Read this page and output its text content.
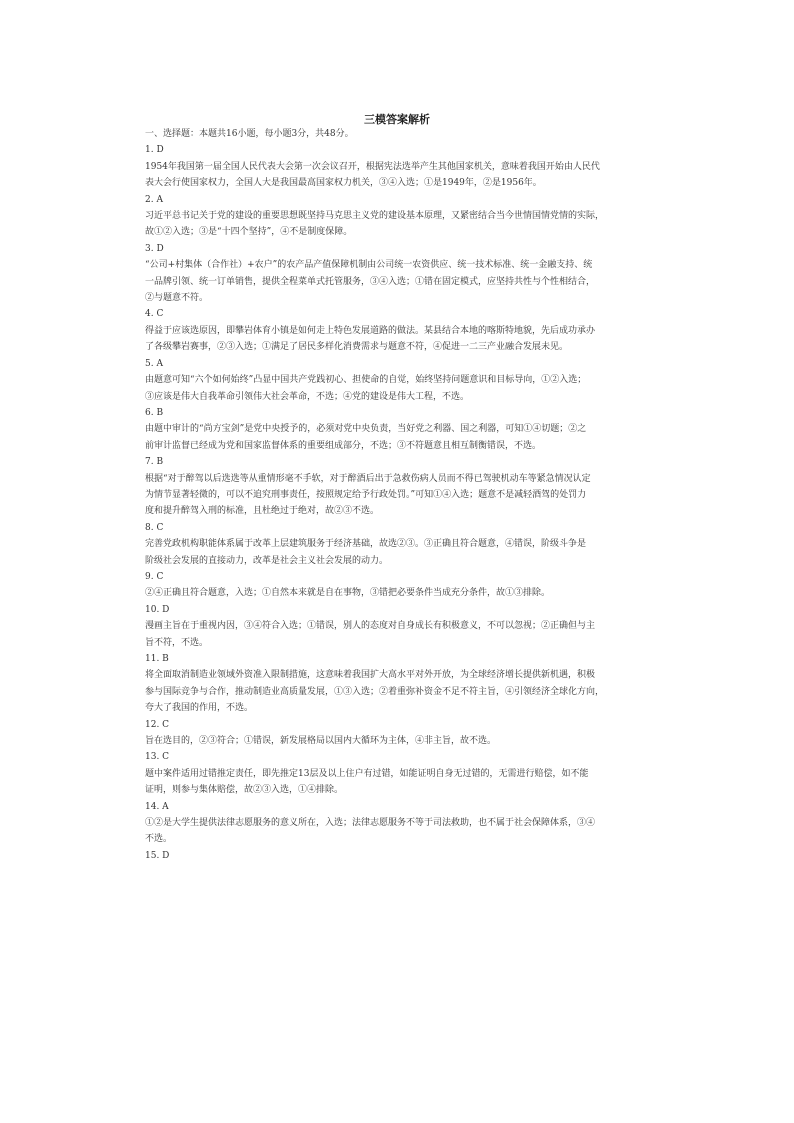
三模答案解析
一、选择题：本题共16小题，每小题3分，共48分。
1. D
1954年我国第一届全国人民代表大会第一次会议召开，根据宪法选举产生其他国家机关，意味着我国开始由人民代
表大会行使国家权力，全国人大是我国最高国家权力机关，③④入选；①是1949年，②是1956年。
2. A
习近平总书记关于党的建设的重要思想既坚持马克思主义党的建设基本原理，又紧密结合当今世情国情党情的实际，
故①②入选；③是“十四个坚持”，④不是制度保障。
3. D
“公司+村集体（合作社）+农户”的农产品产值保障机制由公司统一农资供应、统一技术标准、统一金融支持、统
一品牌引领、统一订单销售，提供全程菜单式托管服务，③④入选；①错在固定模式，应坚持共性与个性相结合，
②与题意不符。
4. C
得益于应该选原因，即攀岩体育小镇是如何走上特色发展道路的做法。某县结合本地的喀斯特地貌，先后成功承办
了各级攀岩赛事，②③入选；①满足了居民多样化消费需求与题意不符，④促进一二三产业融合发展未见。
5. A
由题意可知“六个如何始终”凸显中国共产党践初心、担使命的自觉，始终坚持问题意识和目标导向，①②入选；
③应该是伟大自我革命引领伟大社会革命，不选；④党的建设是伟大工程，不选。
6. B
由题中审计的“尚方宝剑”是党中央授予的，必须对党中央负责，当好党之利器、国之利器，可知①④切题；②之
前审计监督已经成为党和国家监督体系的重要组成部分，不选；③不符题意且相互制衡错误，不选。
7. B
根据“对于醉驾以后选选等从重情形毫不手软，对于醉酒后出于急救伤病人员而不得已驾驶机动车等紧急情况认定
为情节显著轻微的，可以不追究刑事责任，按照规定给予行政处罚。”可知①④入选；题意不是减轻酒驾的处罚力
度和提升醉驾入刑的标准，且杜绝过于绝对，故②③不选。
8. C
完善党政机构职能体系属于改革上层建筑服务于经济基础，故选②③。③正确且符合题意，④错误，阶级斗争是
阶级社会发展的直接动力，改革是社会主义社会发展的动力。
9. C
②④正确且符合题意，入选；①自然本来就是自在事物，③错把必要条件当成充分条件，故①③排除。
10. D
漫画主旨在于重视内因，③④符合入选；①错误，别人的态度对自身成长有积极意义，不可以忽视；②正确但与主
旨不符，不选。
11. B
将全面取消制造业领域外资准入限制措施，这意味着我国扩大高水平对外开放，为全球经济增长提供新机遇，积极
参与国际竞争与合作，推动制造业高质量发展，①③入选；②着重弥补资金不足不符主旨，④引领经济全球化方向，
夸大了我国的作用，不选。
12. C
旨在选目的，②③符合；①错误，新发展格局以国内大循环为主体，④非主旨，故不选。
13. C
题中案件适用过错推定责任，即先推定13层及以上住户有过错，如能证明自身无过错的，无需进行赔偿，如不能
证明，则参与集体赔偿，故②③入选，①④排除。
14. A
①②是大学生提供法律志愿服务的意义所在，入选；法律志愿服务不等于司法救助，也不属于社会保障体系，③④
不选。
15. D
